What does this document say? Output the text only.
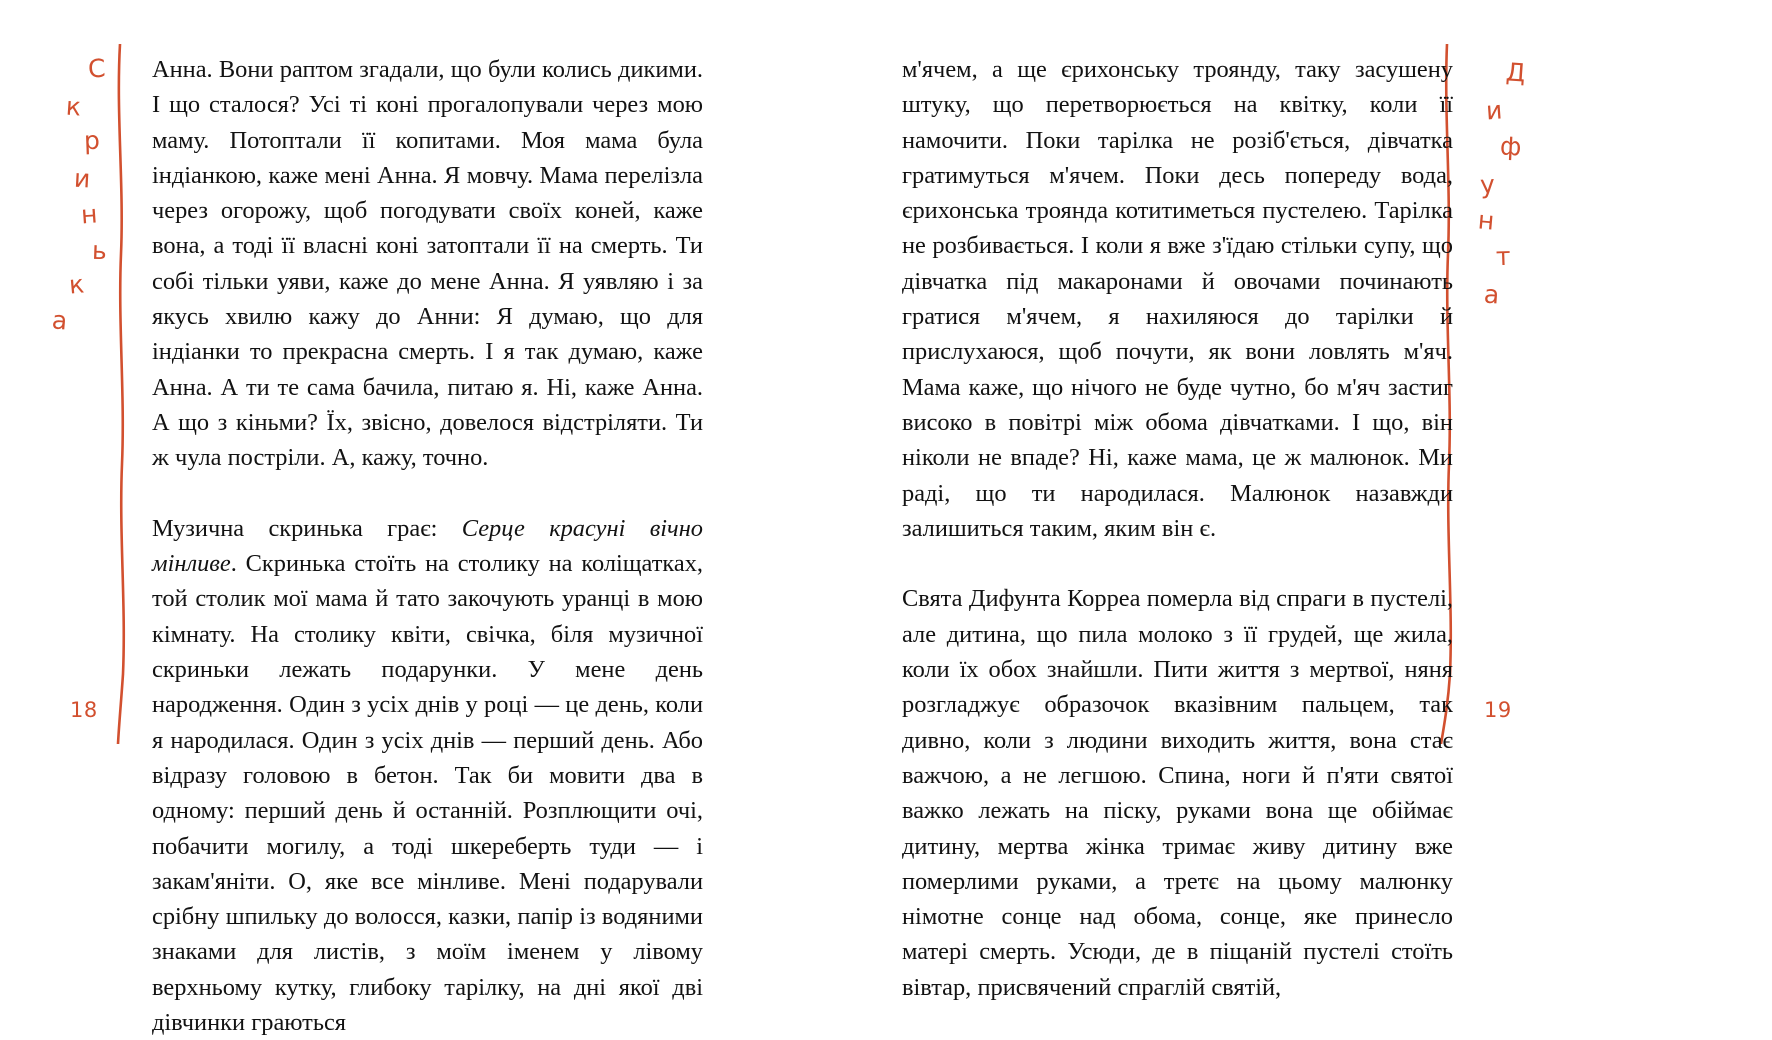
С
к
р
и
н
ь
к
а
18

Анна. Вони раптом згадали, що були колись дикими. І що сталося? Усі ті коні прогалопували через мою маму. Потоптали її копитами. Моя мама була індіанкою, каже мені Анна. Я мовчу. Мама перелізла через огорожу, щоб погодувати своїх коней, каже вона, а тоді її власні коні затоптали її на смерть. Ти собі тільки уяви, каже до мене Анна. Я уявляю і за якусь хвилю кажу до Анни: Я думаю, що для індіанки то прекрасна смерть. І я так думаю, каже Анна. А ти те сама бачила, питаю я. Ні, каже Анна. А що з кіньми? Їх, звісно, довелося відстріляти. Ти ж чула постріли. А, кажу, точно.

Музична скринька грає: Серце красуні вічно мінливе. Скринька стоїть на столику на коліщатках, той столик мої мама й тато закочують уранці в мою кімнату. На столику квіти, свічка, біля музичної скриньки лежать подарунки. У мене день народження. Один з усіх днів у році — це день, коли я народилася. Один з усіх днів — перший день. Або відразу головою в бетон. Так би мовити два в одному: перший день й останній. Розплющити очі, побачити могилу, а тоді шкереберть туди — і закам'яніти. О, яке все мінливе. Мені подарували срібну шпильку до волосся, казки, папір із водяними знаками для листів, з моїм іменем у лівому верхньому кутку, глибоку тарілку, на дні якої дві дівчинки граються

Д
и
ф
у
н
т
а
19

м'ячем, а ще єрихонську троянду, таку засушену штуку, що перетворюється на квітку, коли її намочити. Поки тарілка не розіб'ється, дівчатка гратимуться м'ячем. Поки десь попереду вода, єрихонська троянда котитиметься пустелею. Тарілка не розбивається. І коли я вже з'їдаю стільки супу, що дівчатка під макаронами й овочами починають гратися м'ячем, я нахиляюся до тарілки й прислухаюся, щоб почути, як вони ловлять м'яч. Мама каже, що нічого не буде чутно, бо м'яч застиг високо в повітрі між обома дівчатками. І що, він ніколи не впаде? Ні, каже мама, це ж малюнок. Ми раді, що ти народилася. Малюнок назавжди залишиться таким, яким він є.

Свята Дифунта Коррea померла від спраги в пустелі, але дитина, що пила молоко з її грудей, ще жила, коли їх обох знайшли. Пити життя з мертвої, няня розгладжує образочок вказівним пальцем, так дивно, коли з людини виходить життя, вона стає важчою, а не легшою. Спина, ноги й п'яти святої важко лежать на піску, руками вона ще обіймає дитину, мертва жінка тримає живу дитину вже померлими руками, а третє на цьому малюнку німотне сонце над обома, сонце, яке принесло матері смерть. Усюди, де в піщаній пустелі стоїть вівтар, присвячений спраглій святій,
